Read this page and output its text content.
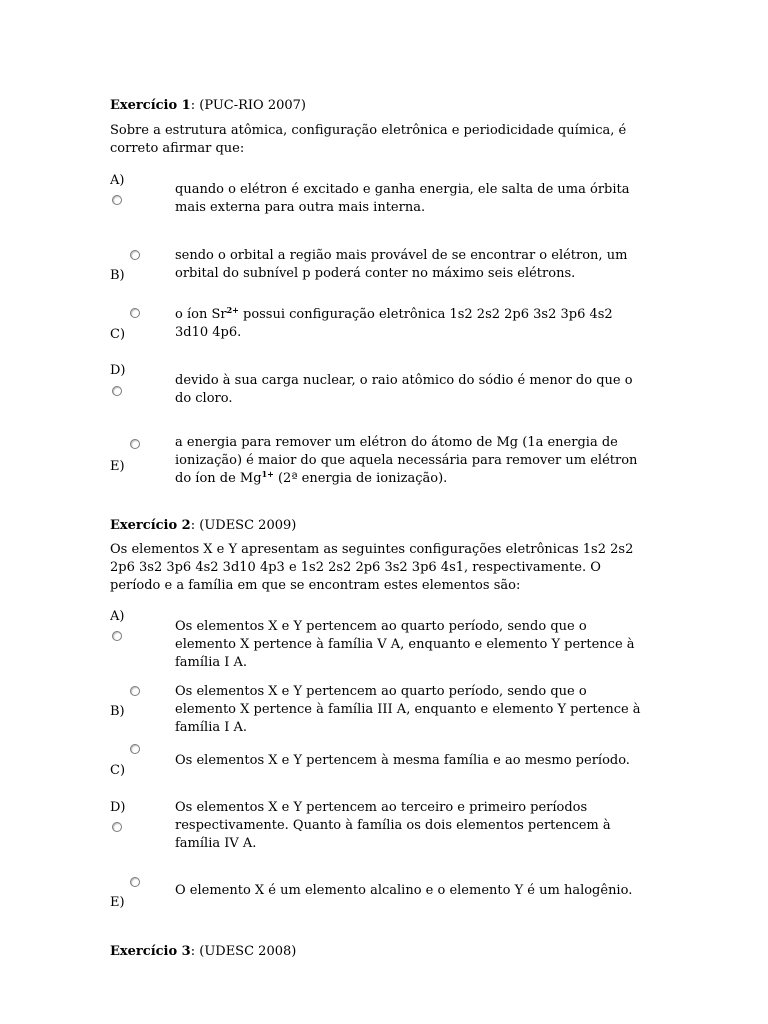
Exercício 1: (PUC-RIO 2007)
Sobre a estrutura atômica, configuração eletrônica e periodicidade química, é correto afirmar que:
A)
quando o elétron é excitado e ganha energia, ele salta de uma órbita mais externa para outra mais interna.
B)
sendo o orbital a região mais provável de se encontrar o elétron, um orbital do subnível p poderá conter no máximo seis elétrons.
C)
o íon $Sr^{2+}$ possui configuração eletrônica 1s2 2s2 2p6 3s2 3p6 4s2 3d10 4p6.
D)
devido à sua carga nuclear, o raio atômico do sódio é menor do que o do cloro.
E)
a energia para remover um elétron do átomo de Mg (1a energia de ionização) é maior do que aquela necessária para remover um elétron do íon de $Mg^{1+}$ (2ª energia de ionização).
Exercício 2: (UDESC 2009)
Os elementos X e Y apresentam as seguintes configurações eletrônicas 1s2 2s2 2p6 3s2 3p6 4s2 3d10 4p3 e 1s2 2s2 2p6 3s2 3p6 4s1, respectivamente. O período e a família em que se encontram estes elementos são:
A)
Os elementos X e Y pertencem ao quarto período, sendo que o elemento X pertence à família V A, enquanto e elemento Y pertence à família I A.
B)
Os elementos X e Y pertencem ao quarto período, sendo que o elemento X pertence à família III A, enquanto e elemento Y pertence à família I A.
C)
Os elementos X e Y pertencem à mesma família e ao mesmo período.
D)	Os elementos X e Y pertencem ao terceiro e primeiro períodos respectivamente. Quanto à família os dois elementos pertencem à família IV A.
E)
O elemento X é um elemento alcalino e o elemento Y é um halogênio.
Exercício 3: (UDESC 2008)
